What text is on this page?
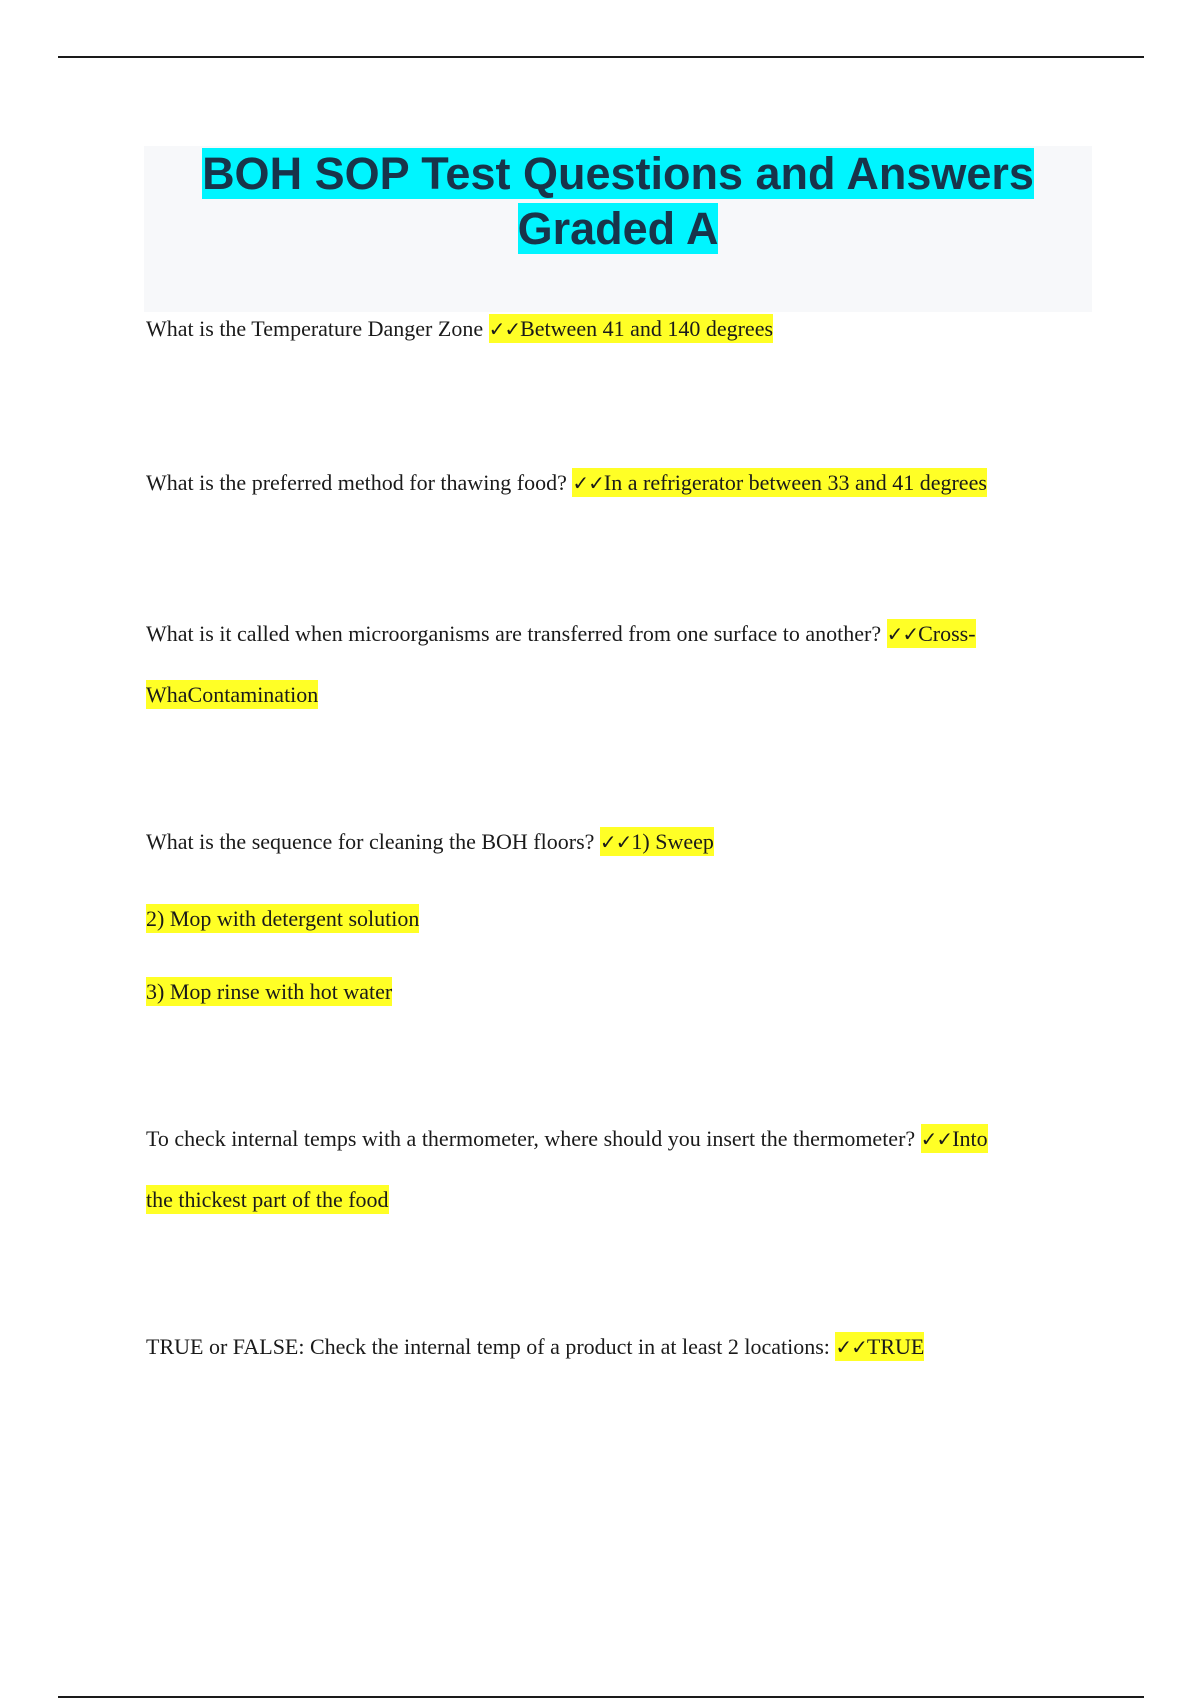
BOH SOP Test Questions and Answers
Graded A

What is the Temperature Danger Zone ✓✓Between 41 and 140 degrees

What is the preferred method for thawing food? ✓✓In a refrigerator between 33 and 41 degrees

What is it called when microorganisms are transferred from one surface to another? ✓✓Cross-

WhaContamination

What is the sequence for cleaning the BOH floors? ✓✓1) Sweep

2) Mop with detergent solution

3) Mop rinse with hot water

To check internal temps with a thermometer, where should you insert the thermometer? ✓✓Into

the thickest part of the food

TRUE or FALSE: Check the internal temp of a product in at least 2 locations: ✓✓TRUE
